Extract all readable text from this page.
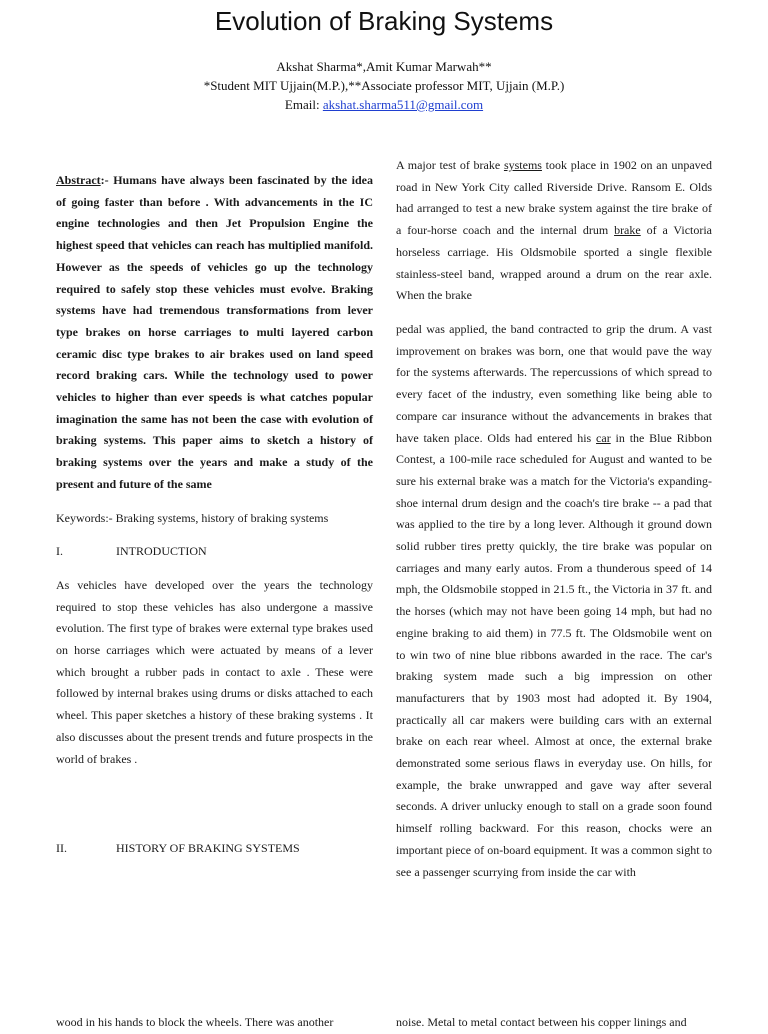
Evolution of Braking Systems
Akshat Sharma*,Amit Kumar Marwah**
*Student MIT Ujjain(M.P.),**Associate professor MIT, Ujjain (M.P.)
Email: akshat.sharma511@gmail.com

Abstract:- Humans have always been fascinated by the idea of going faster than before . With advancements in the IC engine technologies and then Jet Propulsion Engine the highest speed that vehicles can reach has multiplied manifold. However as the speeds of vehicles go up the technology required to safely stop these vehicles must evolve. Braking systems have had tremendous transformations from lever type brakes on horse carriages to multi layered carbon ceramic disc type brakes to air brakes used on land speed record braking cars. While the technology used to power vehicles to higher than ever speeds is what catches popular imagination the same has not been the case with evolution of braking systems. This paper aims to sketch a history of braking systems over the years and make a study of the present and future of the same

Keywords:- Braking systems, history of braking systems

I.	INTRODUCTION

As vehicles have developed over the years the technology required to stop these vehicles has also undergone a massive evolution. The first type of brakes were external type brakes used on horse carriages which were actuated by means of a lever which brought a rubber pads in contact to axle . These were followed by internal brakes using drums or disks attached to each wheel. This paper sketches a history of these braking systems . It also discusses about the present trends and future prospects in the world of brakes .

II.	HISTORY OF BRAKING SYSTEMS

wood in his hands to block the wheels. There was another

A major test of brake systems took place in 1902 on an unpaved road in New York City called Riverside Drive. Ransom E. Olds had arranged to test a new brake system against the tire brake of a four-horse coach and the internal drum brake of a Victoria horseless carriage. His Oldsmobile sported a single flexible stainless-steel band, wrapped around a drum on the rear axle. When the brake

pedal was applied, the band contracted to grip the drum. A vast improvement on brakes was born, one that would pave the way for the systems afterwards. The repercussions of which spread to every facet of the industry, even something like being able to compare car insurance without the advancements in brakes that have taken place. Olds had entered his car in the Blue Ribbon Contest, a 100-mile race scheduled for August and wanted to be sure his external brake was a match for the Victoria's expanding-shoe internal drum design and the coach's tire brake -- a pad that was applied to the tire by a long lever. Although it ground down solid rubber tires pretty quickly, the tire brake was popular on carriages and many early autos. From a thunderous speed of 14 mph, the Oldsmobile stopped in 21.5 ft., the Victoria in 37 ft. and the horses (which may not have been going 14 mph, but had no engine braking to aid them) in 77.5 ft. The Oldsmobile went on to win two of nine blue ribbons awarded in the race. The car's braking system made such a big impression on other manufacturers that by 1903 most had adopted it. By 1904, practically all car makers were building cars with an external brake on each rear wheel. Almost at once, the external brake demonstrated some serious flaws in everyday use. On hills, for example, the brake unwrapped and gave way after several seconds. A driver unlucky enough to stall on a grade soon found himself rolling backward. For this reason, chocks were an important piece of on-board equipment. It was a common sight to see a passenger scurrying from inside the car with

noise. Metal to metal contact between his copper linings and
